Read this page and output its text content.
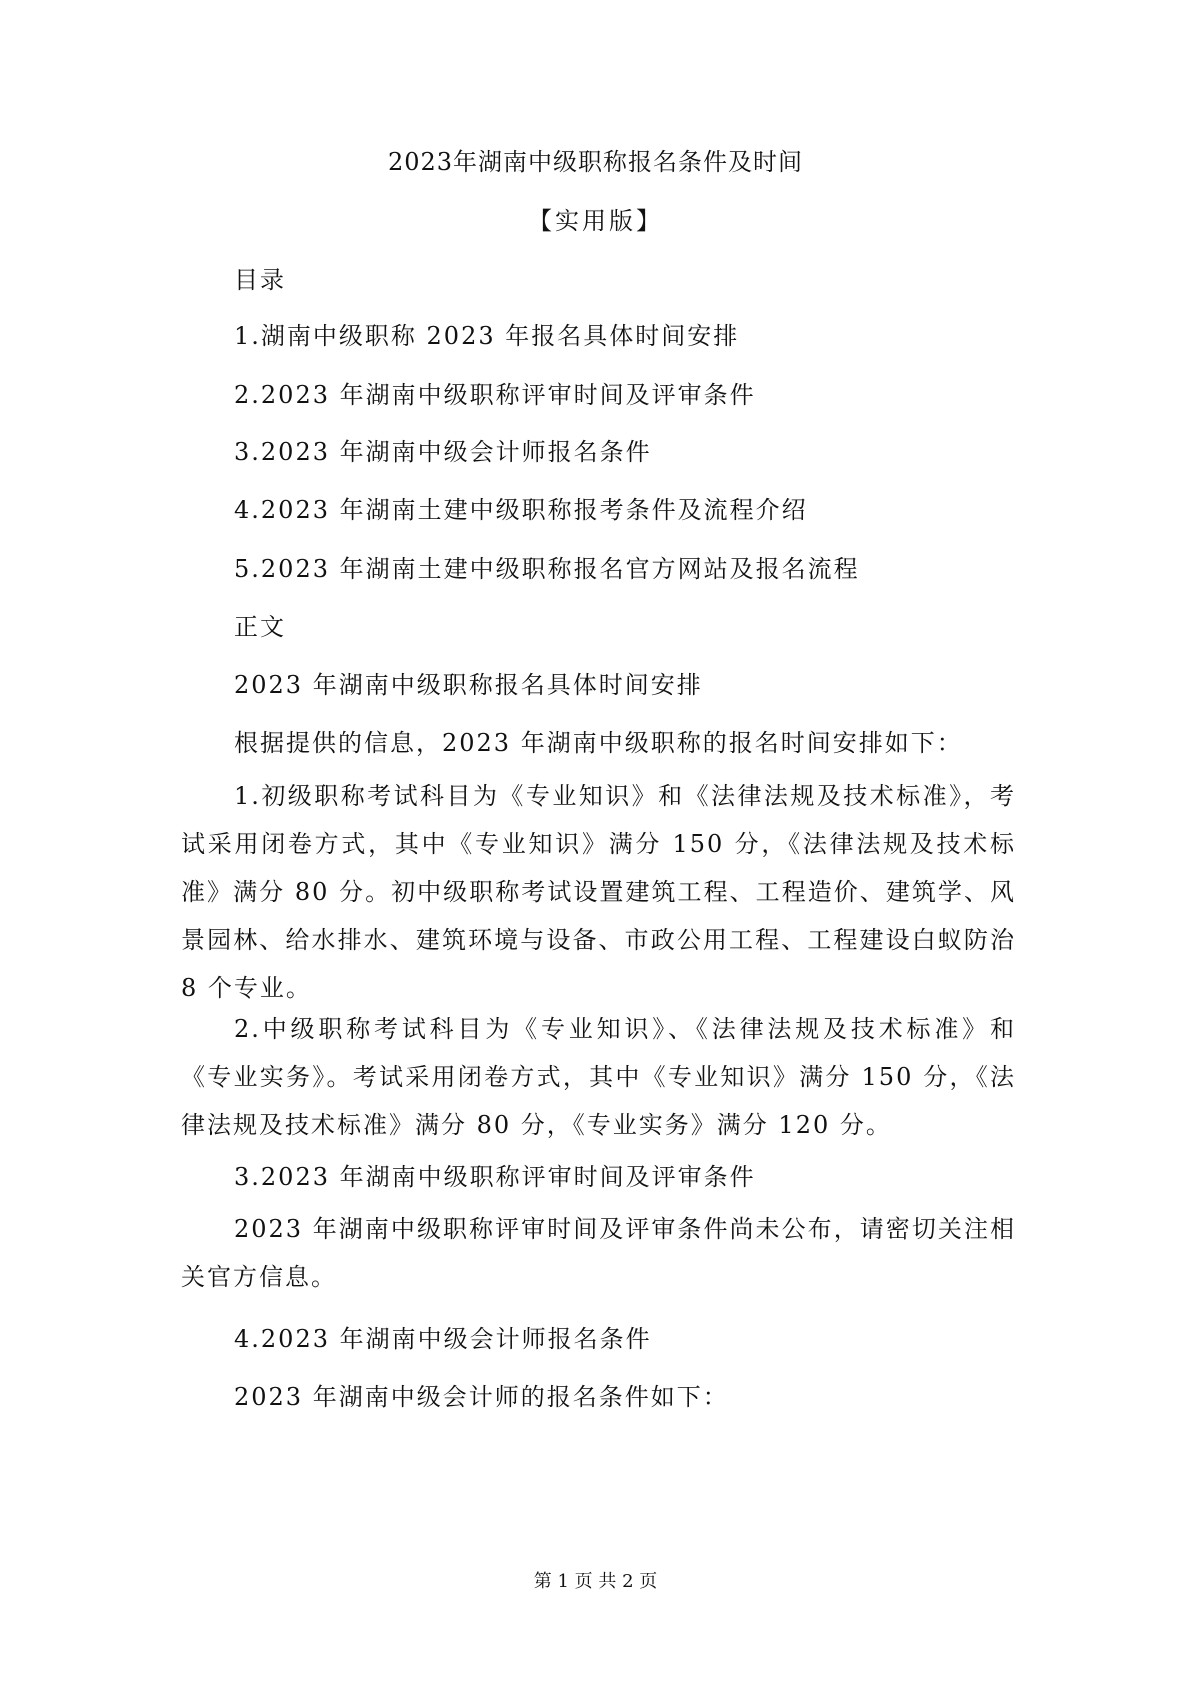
2023年湖南中级职称报名条件及时间
【实用版】
目录
1.湖南中级职称 2023 年报名具体时间安排
2.2023 年湖南中级职称评审时间及评审条件
3.2023 年湖南中级会计师报名条件
4.2023 年湖南土建中级职称报考条件及流程介绍
5.2023 年湖南土建中级职称报名官方网站及报名流程
正文
2023 年湖南中级职称报名具体时间安排
根据提供的信息，2023 年湖南中级职称的报名时间安排如下：
1.初级职称考试科目为《专业知识》和《法律法规及技术标准》，考试采用闭卷方式，其中《专业知识》满分 150 分，《法律法规及技术标准》满分 80 分。初中级职称考试设置建筑工程、工程造价、建筑学、风景园林、给水排水、建筑环境与设备、市政公用工程、工程建设白蚁防治 8 个专业。
2.中级职称考试科目为《专业知识》、《法律法规及技术标准》和《专业实务》。考试采用闭卷方式，其中《专业知识》满分 150 分，《法律法规及技术标准》满分 80 分，《专业实务》满分 120 分。
3.2023 年湖南中级职称评审时间及评审条件
2023 年湖南中级职称评审时间及评审条件尚未公布，请密切关注相关官方信息。
4.2023 年湖南中级会计师报名条件
2023 年湖南中级会计师的报名条件如下：
第 1 页 共 2 页
